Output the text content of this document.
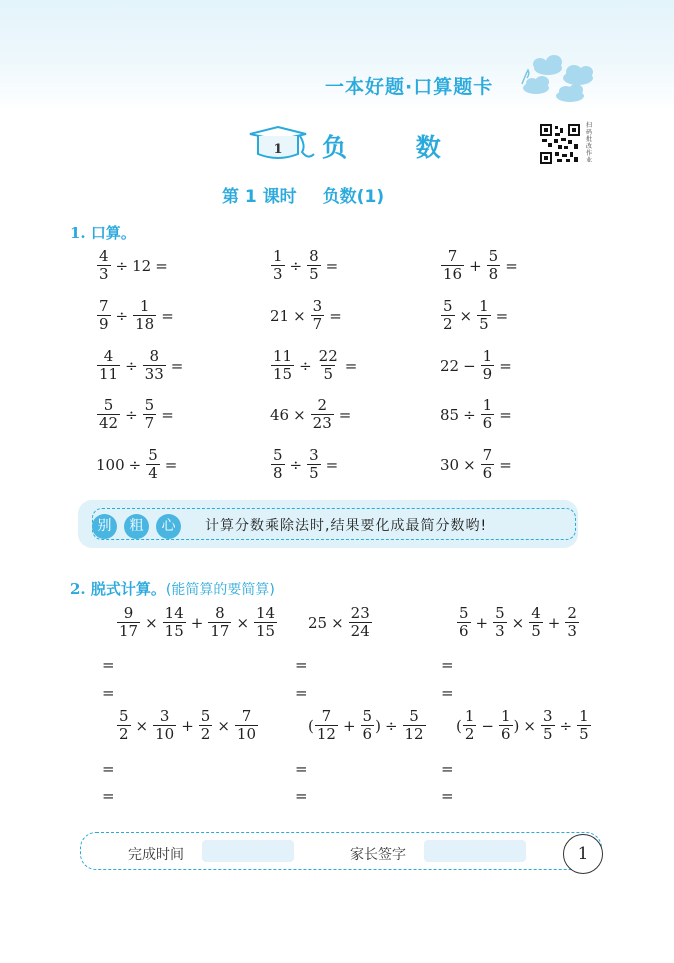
一本好题·口算题卡
1 负 数
扫码批改作业
第 1 课时 负数(1)
1. 口算。
$\frac{4}{3} \div 12$ =	$\frac{1}{3} \div \frac{8}{5}$ =	$\frac{7}{16} + \frac{5}{8}$ =
$\frac{7}{9} \div \frac{1}{18}$ =	$21 \times \frac{3}{7}$ =	$\frac{5}{2} \times \frac{1}{5}$ =
$\frac{4}{11} \div \frac{8}{33}$ =	$\frac{11}{15} \div \frac{22}{5}$ =	$22 - \frac{1}{9}$ =
$\frac{5}{42} \div \frac{5}{7}$ =	$46 \times \frac{2}{23}$ =	$85 \div \frac{1}{6}$ =
$100 \div \frac{5}{4}$ =	$\frac{5}{8} \div \frac{3}{5}$ =	$30 \times \frac{7}{6}$ =
别	粗	心	计算分数乘除法时,结果要化成最简分数哟!
2. 脱式计算。(能简算的要简算)
$\frac{9}{17} \times \frac{14}{15} + \frac{8}{17} \times \frac{14}{15}$
=
=
$25 \times \frac{23}{24}$
=
=
$\frac{5}{6} + \frac{5}{3} \times \frac{4}{5} + \frac{2}{3}$
=
=
$\frac{5}{2} \times \frac{3}{10} + \frac{5}{2} \times \frac{7}{10}$
=
=
( $\frac{7}{12} + \frac{5}{6}$ ) ÷ $\frac{5}{12}$
=
=
( $\frac{1}{2} - \frac{1}{6}$ ) × $\frac{3}{5} \div \frac{1}{5}$
=
=
完成时间	家长签字	1
